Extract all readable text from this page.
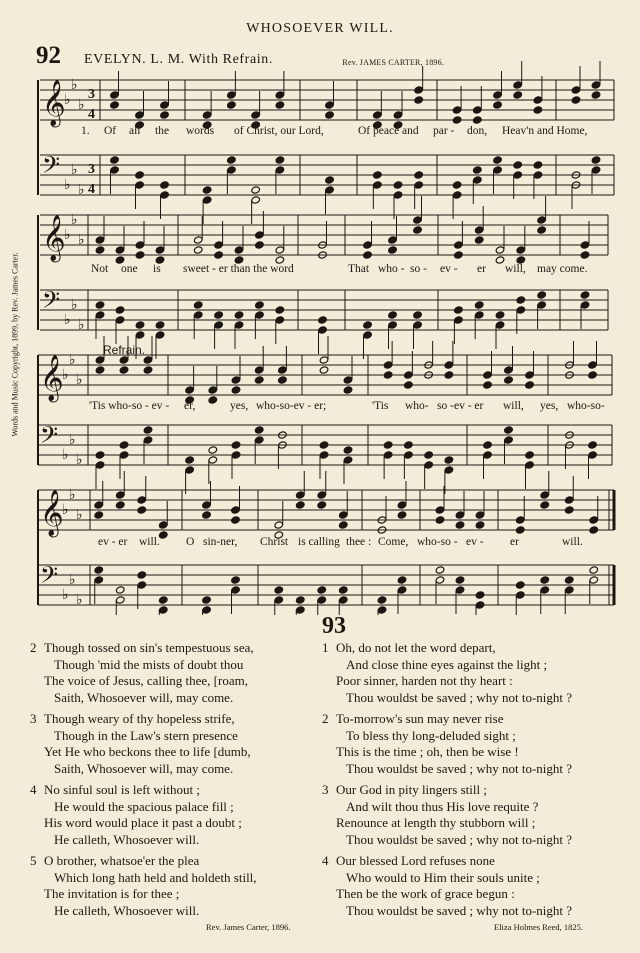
WHOSOEVER WILL.
92 EVELYN. L. M. With Refrain.	Rev. JAMES CARTER, 1896.
Words and Music Copyright, 1899, by Rev. James Carter.
𝄞
♭
♭
♭
3
4
𝄢
♭
♭
♭
3
4
𝄞
♭
♭
♭
𝄢
♭
♭
♭
𝄞
♭
♭
♭
𝄢
♭
♭
♭
𝄞
♭
♭
♭
𝄢
♭
♭
♭
Refrain.
1. Of all the words of Christ, our Lord,	Of peace and par - don, Heav'n and Home,
Not one is sweet - er than the word	That who - so - ev - er will, may come.
'Tis who-so - ev - er,	yes, who-so-ev - er;	'Tis who- so - ev - er will, yes, who-so-
ev - er will. O sin-ner, Christ is calling thee : Come, who-so - ev - er	will.
93
2 Though tossed on sin's tempestuous sea,
Though 'mid the mists of doubt thou
The voice of Jesus, calling thee, [roam,
Saith, Whosoever will, may come.
3 Though weary of thy hopeless strife,
Though in the Law's stern presence
Yet He who beckons thee to life [dumb,
Saith, Whosoever will, may come.
4 No sinful soul is left without ;
He would the spacious palace fill ;
His word would place it past a doubt ;
He calleth, Whosoever will.
5 O brother, whatsoe'er the plea
Which long hath held and holdeth still,
The invitation is for thee ;
He calleth, Whosoever will.
1 Oh, do not let the word depart,
And close thine eyes against the light ;
Poor sinner, harden not thy heart :
Thou wouldst be saved ; why not to-night ?
2 To-morrow's sun may never rise
To bless thy long-deluded sight ;
This is the time ; oh, then be wise !
Thou wouldst be saved ; why not to-night ?
3 Our God in pity lingers still ;
And wilt thou thus His love requite ?
Renounce at length thy stubborn will ;
Thou wouldst be saved ; why not to-night ?
4 Our blessed Lord refuses none
Who would to Him their souls unite ;
Then be the work of grace begun :
Thou wouldst be saved ; why not to-night ?
Rev. James Carter, 1896.	Eliza Holmes Reed, 1825.
